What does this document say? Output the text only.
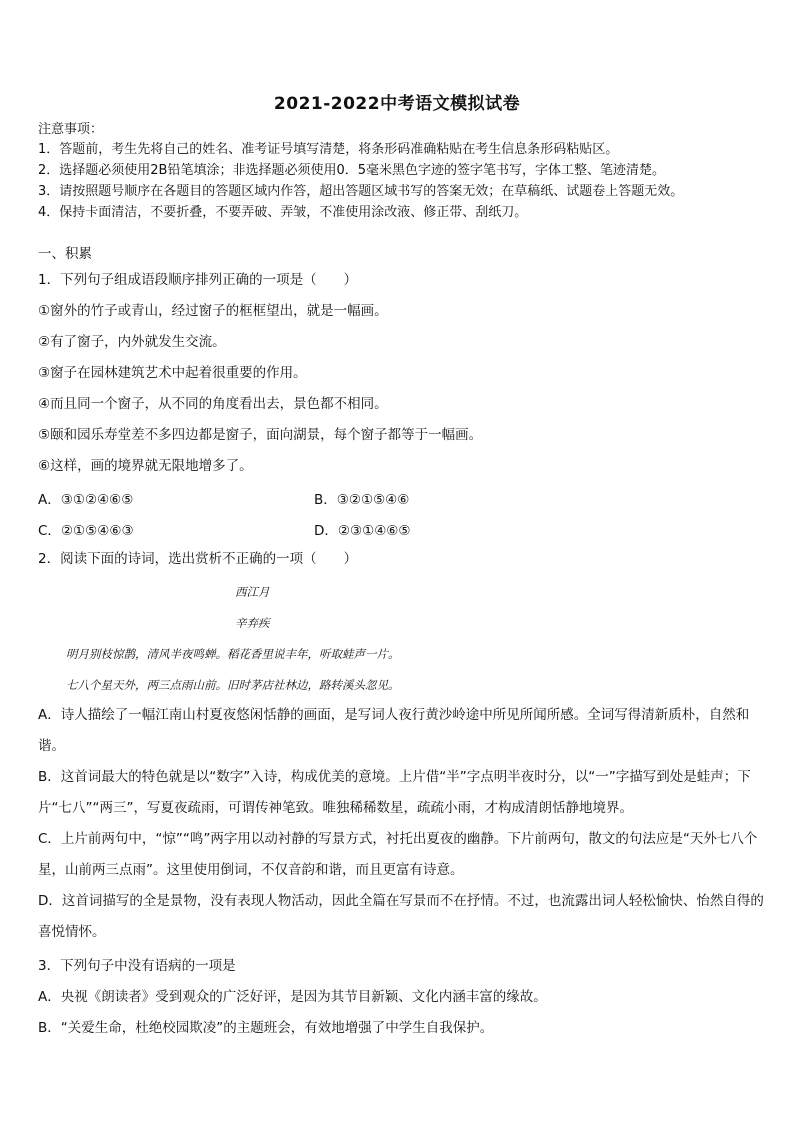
2021-2022中考语文模拟试卷
注意事项：
1．答题前，考生先将自己的姓名、准考证号填写清楚，将条形码准确粘贴在考生信息条形码粘贴区。
2．选择题必须使用2B铅笔填涂；非选择题必须使用0．5毫米黑色字迹的签字笔书写，字体工整、笔迹清楚。
3．请按照题号顺序在各题目的答题区域内作答，超出答题区域书写的答案无效；在草稿纸、试题卷上答题无效。
4．保持卡面清洁，不要折叠，不要弄破、弄皱，不准使用涂改液、修正带、刮纸刀。
一、积累
1．下列句子组成语段顺序排列正确的一项是（　　）
①窗外的竹子或青山，经过窗子的框框望出，就是一幅画。
②有了窗子，内外就发生交流。
③窗子在园林建筑艺术中起着很重要的作用。
④而且同一个窗子，从不同的角度看出去，景色都不相同。
⑤颐和园乐寿堂差不多四边都是窗子，面向湖景，每个窗子都等于一幅画。
⑥这样，画的境界就无限地增多了。
A．③①②④⑥⑤	B．③②①⑤④⑥
C．②①⑤④⑥③	D．②③①④⑥⑤
2．阅读下面的诗词，选出赏析不正确的一项（　　）
西江月
辛弃疾
明月别枝惊鹊，清风半夜鸣蝉。稻花香里说丰年，听取蛙声一片。
七八个星天外，两三点雨山前。旧时茅店社林边，路转溪头忽见。
A．诗人描绘了一幅江南山村夏夜悠闲恬静的画面，是写词人夜行黄沙岭途中所见所闻所感。全词写得清新质朴，自然和谐。
B．这首词最大的特色就是以“数字”入诗，构成优美的意境。上片借“半”字点明半夜时分，以“一”字描写到处是蛙声；下片“七八”“两三”，写夏夜疏雨，可谓传神笔致。唯独稀稀数星，疏疏小雨，才构成清朗恬静地境界。
C．上片前两句中，“惊”“鸣”两字用以动衬静的写景方式，衬托出夏夜的幽静。下片前两句，散文的句法应是“天外七八个星，山前两三点雨”。这里使用倒词，不仅音韵和谐，而且更富有诗意。
D．这首词描写的全是景物，没有表现人物活动，因此全篇在写景而不在抒情。不过，也流露出词人轻松愉快、怡然自得的喜悦情怀。
3．下列句子中没有语病的一项是
A．央视《朗读者》受到观众的广泛好评，是因为其节目新颖、文化内涵丰富的缘故。
B．“关爱生命，杜绝校园欺凌”的主题班会，有效地增强了中学生自我保护。
